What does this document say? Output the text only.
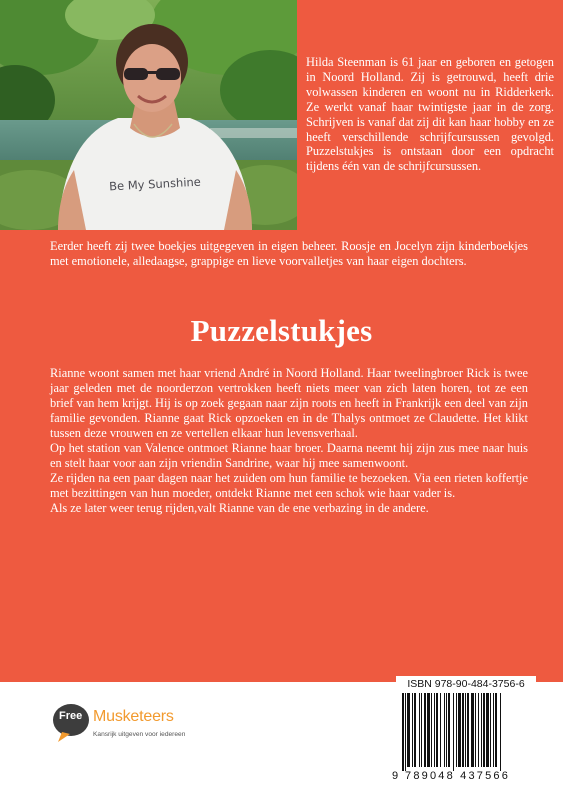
Be My Sunshine
Hilda Steenman is 61 jaar en geboren en getogen in Noord Holland. Zij is getrouwd, heeft drie volwassen kinderen en woont nu in Ridderkerk. Ze werkt vanaf haar twintigste jaar in de zorg. Schrijven is vanaf dat zij dit kan haar hobby en ze heeft verschillende schrijfcursussen gevolgd. Puzzelstukjes is ontstaan door een opdracht tijdens één van de schrijfcursussen.
Eerder heeft zij twee boekjes uitgegeven in eigen beheer. Roosje en Jocelyn zijn kinderboekjes met emotionele, alledaagse, grappige en lieve voorvalletjes van haar eigen dochters.
Puzzelstukjes

Rianne woont samen met haar vriend André in Noord Holland. Haar tweelingbroer Rick is twee jaar geleden met de noorderzon vertrokken heeft niets meer van zich laten horen, tot ze een brief van hem krijgt. Hij is op zoek gegaan naar zijn roots en heeft in Frankrijk een deel van zijn familie gevonden. Rianne gaat Rick opzoeken en in de Thalys ontmoet ze Claudette. Het klikt tussen deze vrouwen en ze vertellen elkaar hun levensverhaal.

Op het station van Valence ontmoet Rianne haar broer. Daarna neemt hij zijn zus mee naar huis en stelt haar voor aan zijn vriendin Sandrine, waar hij mee samenwoont.

Ze rijden na een paar dagen naar het zuiden om hun familie te bezoeken. Via een rieten koffertje met bezittingen van hun moeder, ontdekt Rianne met een schok wie haar vader is.

Als ze later weer terug rijden,valt Rianne van de ene verbazing in de andere.

Free Musketeers
Kansrijk uitgeven voor iedereen
ISBN 978-90-484-3756-6
9 789048 437566
